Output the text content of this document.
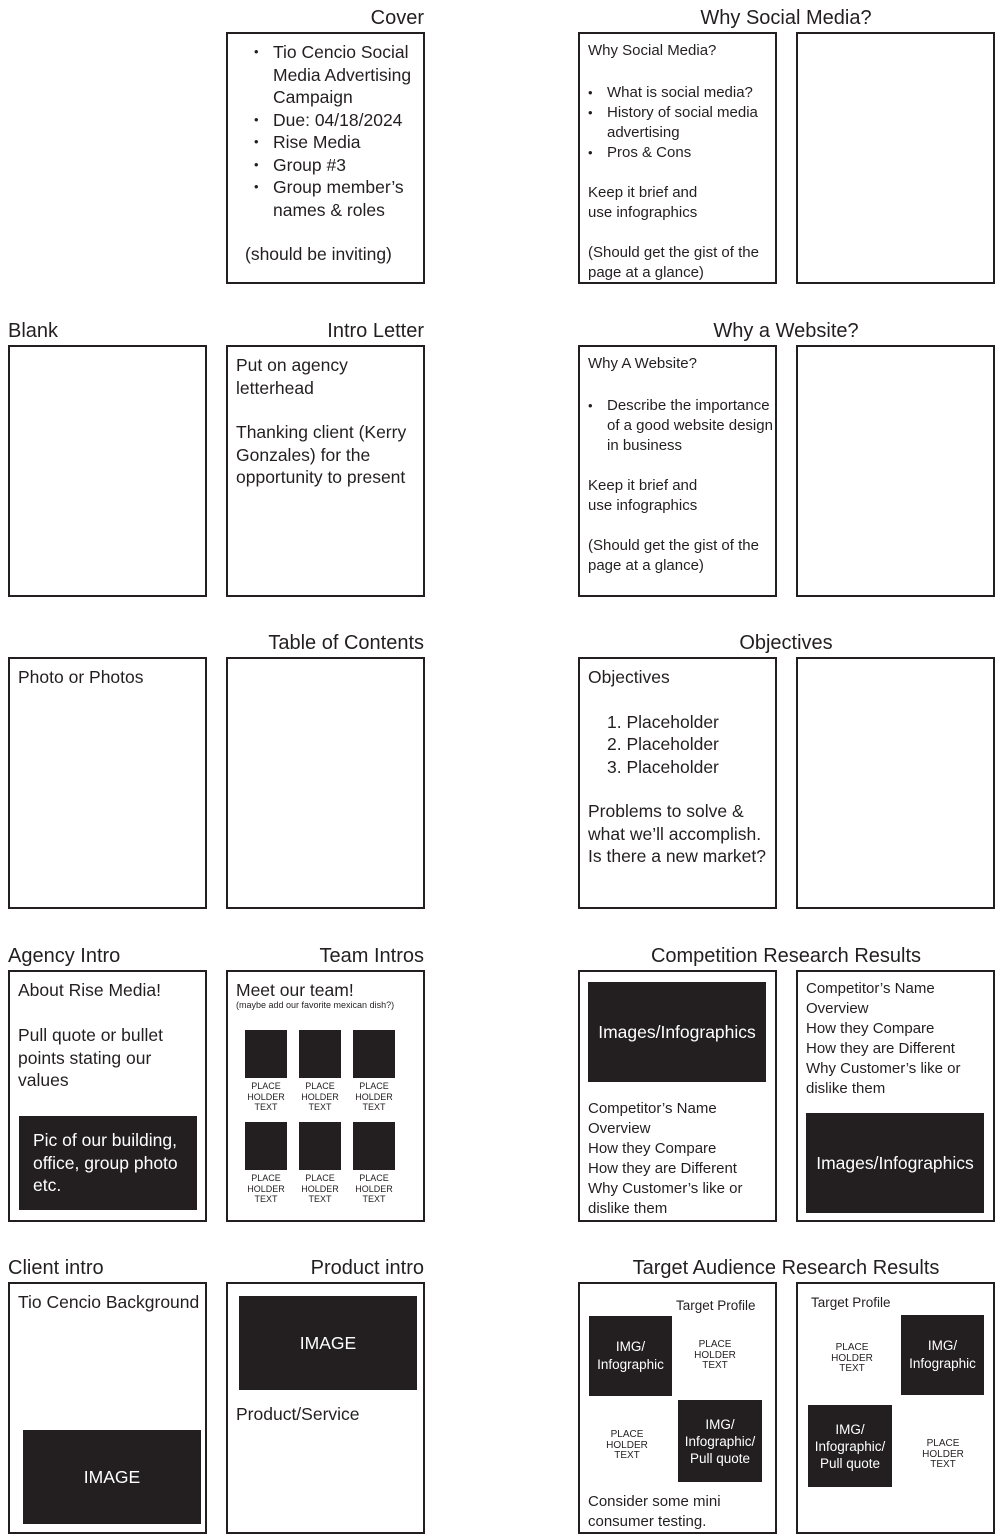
Cover
• Tio Cencio Social Media Advertising Campaign
• Due: 04/18/2024
• Rise Media
• Group #3
• Group member’s names & roles
(should be inviting)
Why Social Media?
Why Social Media?
• What is social media?
• History of social media advertising
• Pros & Cons
Keep it brief and use infographics
(Should get the gist of the page at a glance)
Blank	Intro Letter
Put on agency letterhead
Thanking client (Kerry Gonzales) for the opportunity to present
Why a Website?
Why A Website?
• Describe the importance of a good website design in business
Keep it brief and use infographics
(Should get the gist of the page at a glance)
Photo or Photos
Table of Contents	Objectives
Objectives
1. Placeholder
2. Placeholder
3. Placeholder
Problems to solve & what we’ll accomplish. Is there a new market?
Agency Intro
About Rise Media!
Pull quote or bullet points stating our values
Pic of our building, office, group photo etc.
Team Intros
Meet our team!
(maybe add our favorite mexican dish?)
PLACE HOLDER TEXT
PLACE HOLDER TEXT
PLACE HOLDER TEXT
PLACE HOLDER TEXT
PLACE HOLDER TEXT
PLACE HOLDER TEXT
Competition Research Results
Images/Infographics
Competitor’s Name
Overview
How they Compare
How they are Different
Why Customer’s like or dislike them
Competitor’s Name
Overview
How they Compare
How they are Different
Why Customer’s like or dislike them
Images/Infographics
Client intro
Tio Cencio Background
IMAGE
Product intro
IMAGE
Product/Service
Target Audience Research Results
Target Profile
IMG/ Infographic
PLACE HOLDER TEXT
PLACE HOLDER TEXT
IMG/ Infographic/ Pull quote
Consider some mini consumer testing.
Target Profile
PLACE HOLDER TEXT
IMG/ Infographic
IMG/ Infographic/ Pull quote
PLACE HOLDER TEXT
